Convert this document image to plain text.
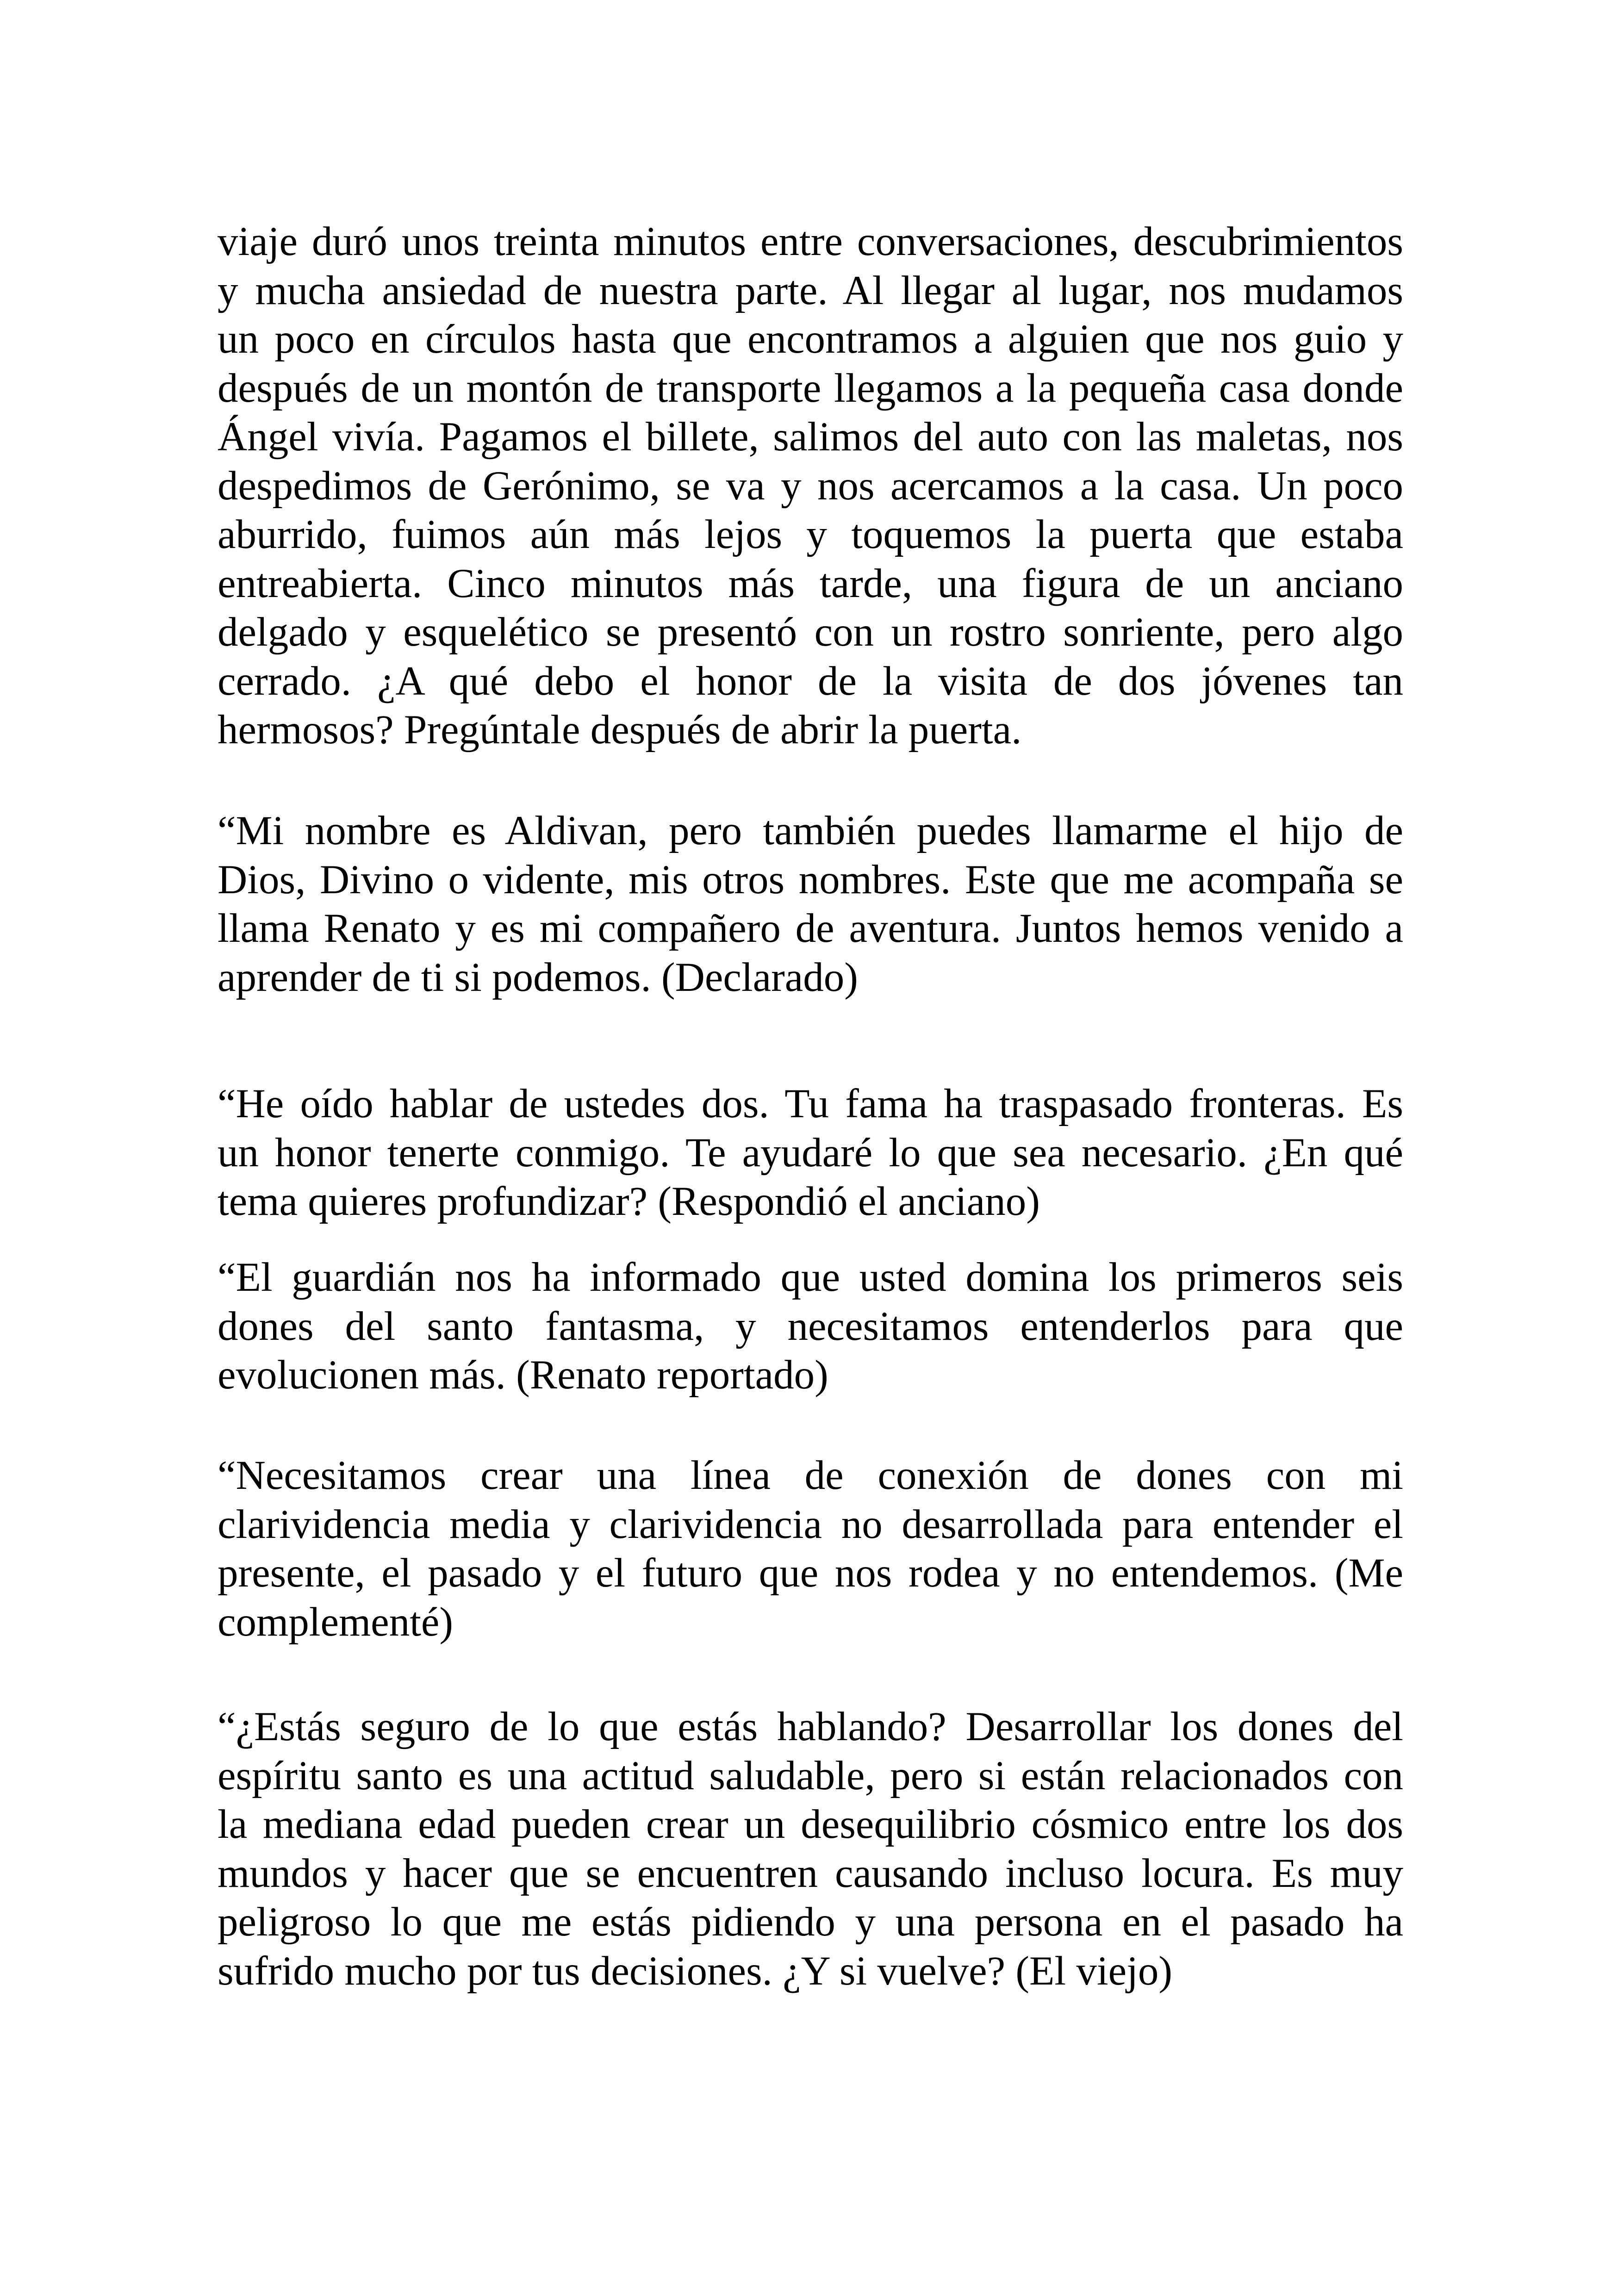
viaje duró unos treinta minutos entre conversaciones, descubrimientos
y mucha ansiedad de nuestra parte. Al llegar al lugar, nos mudamos
un poco en círculos hasta que encontramos a alguien que nos guio y
después de un montón de transporte llegamos a la pequeña casa donde
Ángel vivía. Pagamos el billete, salimos del auto con las maletas, nos
despedimos de Gerónimo, se va y nos acercamos a la casa. Un poco
aburrido, fuimos aún más lejos y toquemos la puerta que estaba
entreabierta. Cinco minutos más tarde, una figura de un anciano
delgado y esquelético se presentó con un rostro sonriente, pero algo
cerrado. ¿A qué debo el honor de la visita de dos jóvenes tan
hermosos? Pregúntale después de abrir la puerta.
“Mi nombre es Aldivan, pero también puedes llamarme el hijo de
Dios, Divino o vidente, mis otros nombres. Este que me acompaña se
llama Renato y es mi compañero de aventura. Juntos hemos venido a
aprender de ti si podemos. (Declarado)
“He oído hablar de ustedes dos. Tu fama ha traspasado fronteras. Es
un honor tenerte conmigo. Te ayudaré lo que sea necesario. ¿En qué
tema quieres profundizar? (Respondió el anciano)
“El guardián nos ha informado que usted domina los primeros seis
dones del santo fantasma, y necesitamos entenderlos para que
evolucionen más. (Renato reportado)
“Necesitamos crear una línea de conexión de dones con mi
clarividencia media y clarividencia no desarrollada para entender el
presente, el pasado y el futuro que nos rodea y no entendemos. (Me
complementé)
“¿Estás seguro de lo que estás hablando? Desarrollar los dones del
espíritu santo es una actitud saludable, pero si están relacionados con
la mediana edad pueden crear un desequilibrio cósmico entre los dos
mundos y hacer que se encuentren causando incluso locura. Es muy
peligroso lo que me estás pidiendo y una persona en el pasado ha
sufrido mucho por tus decisiones. ¿Y si vuelve? (El viejo)
